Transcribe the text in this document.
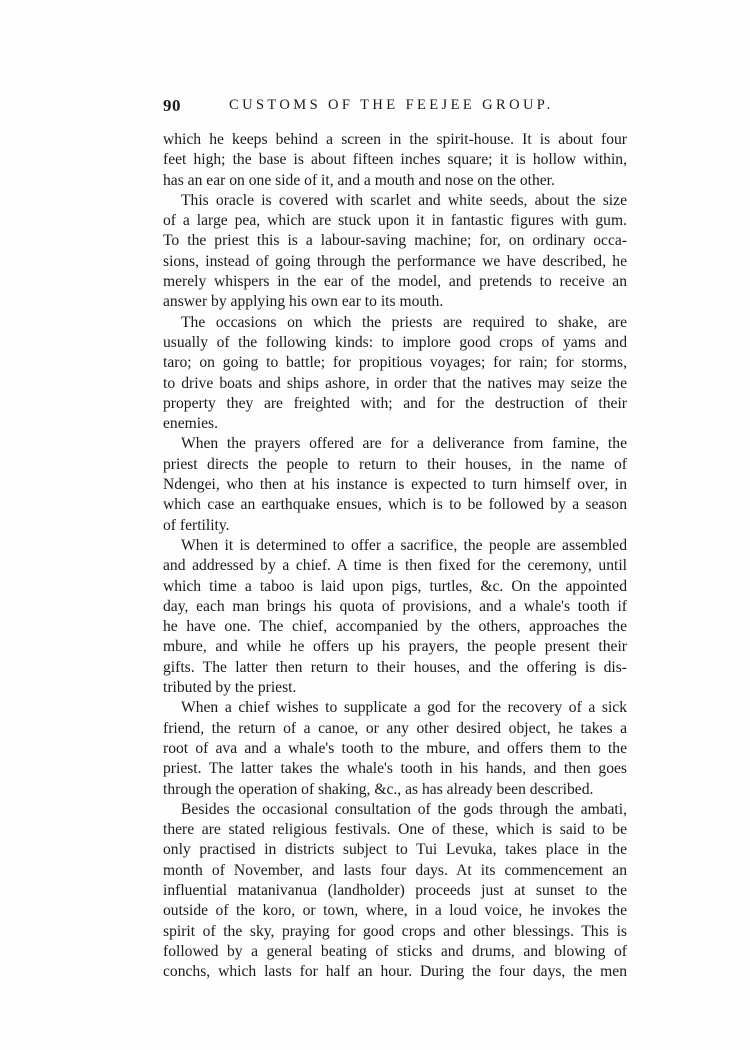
90	CUSTOMS OF THE FEEJEE GROUP.
which he keeps behind a screen in the spirit-house. It is about four
feet high; the base is about fifteen inches square; it is hollow within,
has an ear on one side of it, and a mouth and nose on the other.
This oracle is covered with scarlet and white seeds, about the size
of a large pea, which are stuck upon it in fantastic figures with gum.
To the priest this is a labour-saving machine; for, on ordinary occa-
sions, instead of going through the performance we have described, he
merely whispers in the ear of the model, and pretends to receive an
answer by applying his own ear to its mouth.
The occasions on which the priests are required to shake, are
usually of the following kinds: to implore good crops of yams and
taro; on going to battle; for propitious voyages; for rain; for storms,
to drive boats and ships ashore, in order that the natives may seize the
property they are freighted with; and for the destruction of their
enemies.
When the prayers offered are for a deliverance from famine, the
priest directs the people to return to their houses, in the name of
Ndengei, who then at his instance is expected to turn himself over, in
which case an earthquake ensues, which is to be followed by a season
of fertility.
When it is determined to offer a sacrifice, the people are assembled
and addressed by a chief. A time is then fixed for the ceremony, until
which time a taboo is laid upon pigs, turtles, &c. On the appointed
day, each man brings his quota of provisions, and a whale's tooth if
he have one. The chief, accompanied by the others, approaches the
mbure, and while he offers up his prayers, the people present their
gifts. The latter then return to their houses, and the offering is dis-
tributed by the priest.
When a chief wishes to supplicate a god for the recovery of a sick
friend, the return of a canoe, or any other desired object, he takes a
root of ava and a whale's tooth to the mbure, and offers them to the
priest. The latter takes the whale's tooth in his hands, and then goes
through the operation of shaking, &c., as has already been described.
Besides the occasional consultation of the gods through the ambati,
there are stated religious festivals. One of these, which is said to be
only practised in districts subject to Tui Levuka, takes place in the
month of November, and lasts four days. At its commencement an
influential matanivanua (landholder) proceeds just at sunset to the
outside of the koro, or town, where, in a loud voice, he invokes the
spirit of the sky, praying for good crops and other blessings. This is
followed by a general beating of sticks and drums, and blowing of
conchs, which lasts for half an hour. During the four days, the men
